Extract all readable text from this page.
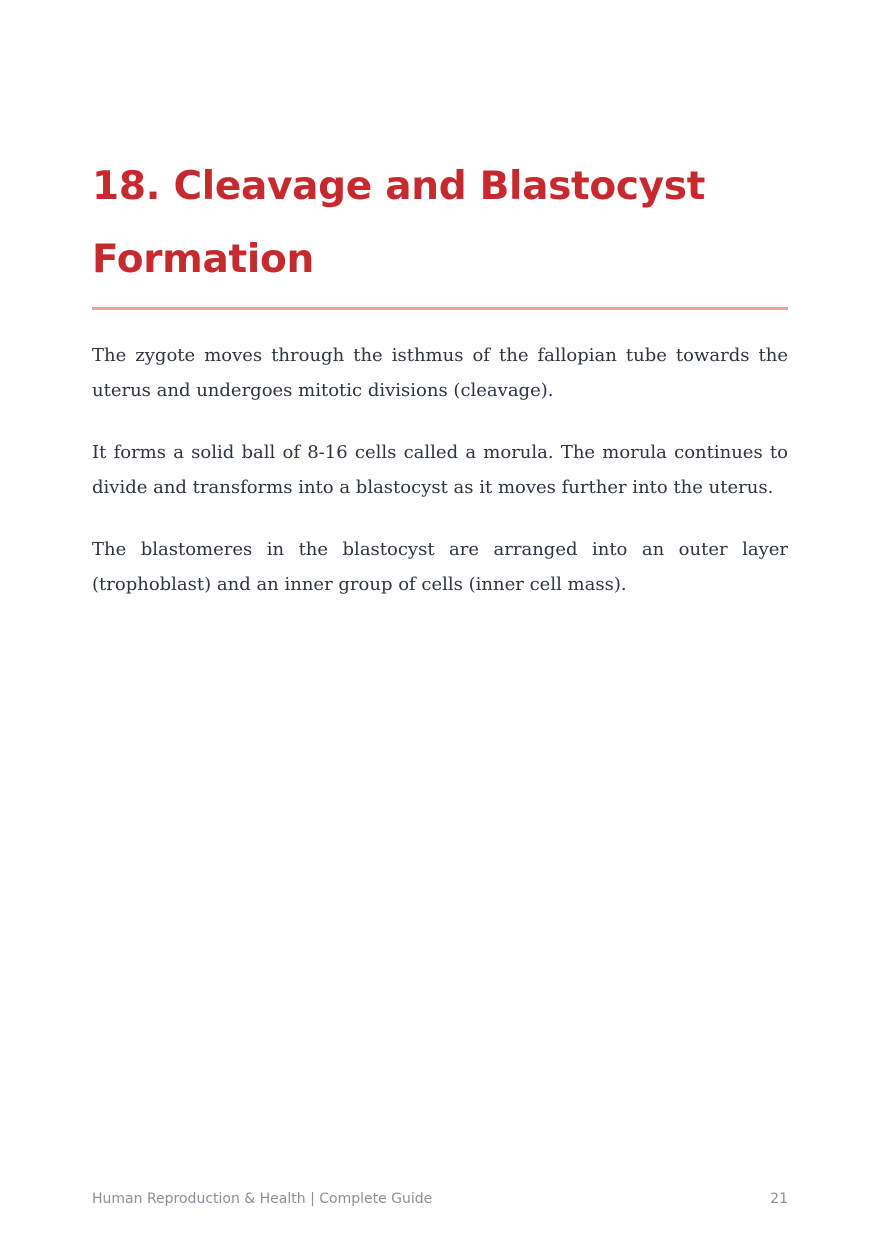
18. Cleavage and Blastocyst Formation

The zygote moves through the isthmus of the fallopian tube towards the uterus and undergoes mitotic divisions (cleavage).

It forms a solid ball of 8-16 cells called a morula. The morula continues to divide and transforms into a blastocyst as it moves further into the uterus.

The blastomeres in the blastocyst are arranged into an outer layer (trophoblast) and an inner group of cells (inner cell mass).

Human Reproduction & Health | Complete Guide	21
